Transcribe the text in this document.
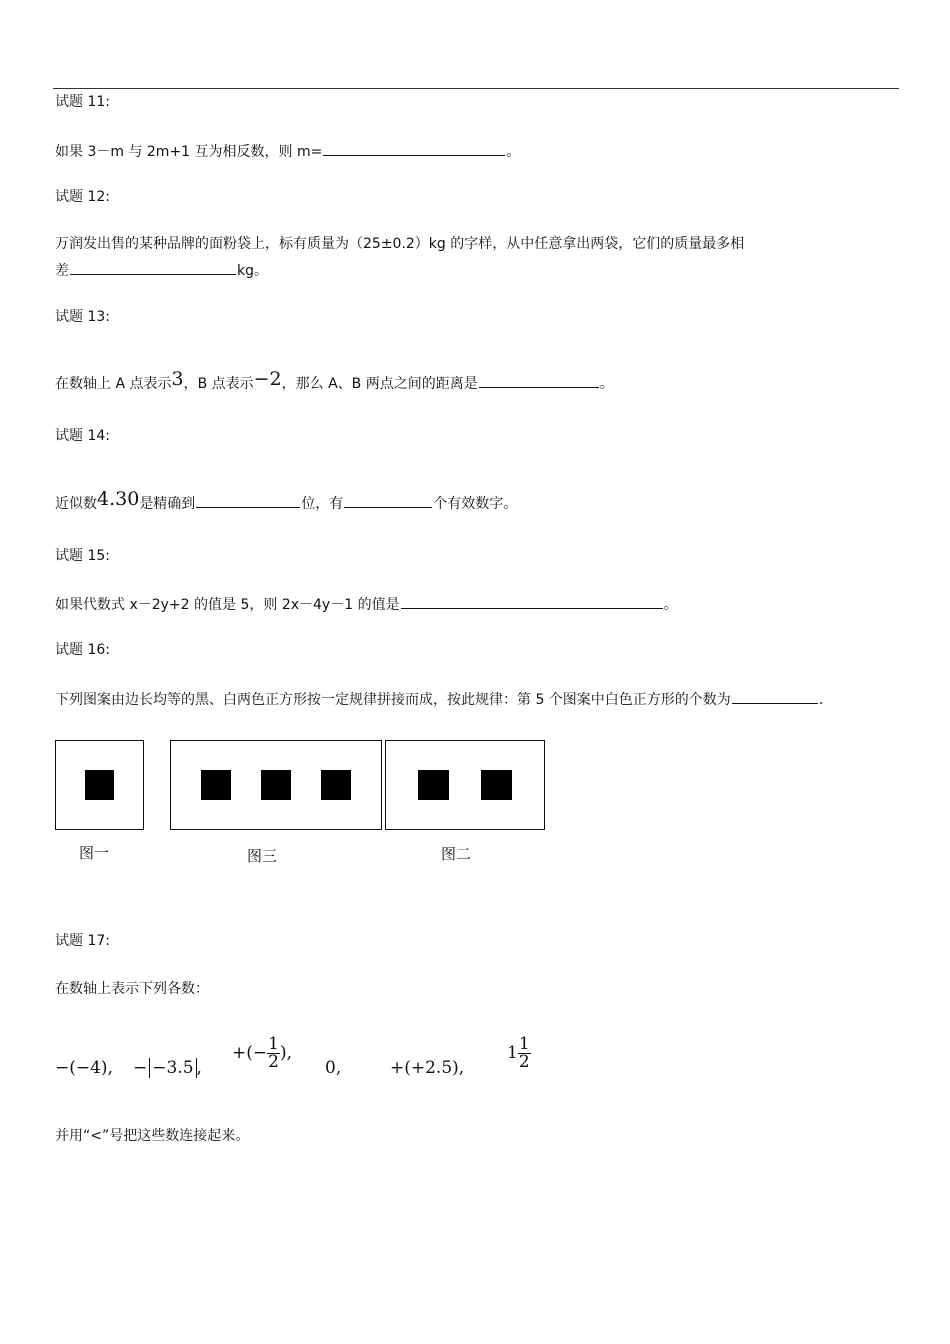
试题 11:
如果 3－m 与 2m+1 互为相反数，则 m=	。
试题 12:
万润发出售的某种品牌的面粉袋上，标有质量为（25±0.2）kg 的字样，从中任意拿出两袋，它们的质量最多相
差	kg。
试题 13:
在数轴上 A 点表示3，B 点表示−2，那么 A、B 两点之间的距离是	。
试题 14:
近似数4.30是精确到	位，有	个有效数字。
试题 15:
如果代数式 x－2y+2 的值是 5，则 2x－4y－1 的值是	。
试题 16:
下列图案由边长均等的黑、白两色正方形按一定规律拼接而成，按此规律：第 5 个图案中白色正方形的个数为	.
图一	图三	图二
试题 17:
在数轴上表示下列各数：
−(−4), − −3.5 ,
+(− $\frac{1}{2}$ ),
0,	+(+2.5),
$1 \frac{1}{2}$
并用“<”号把这些数连接起来。
